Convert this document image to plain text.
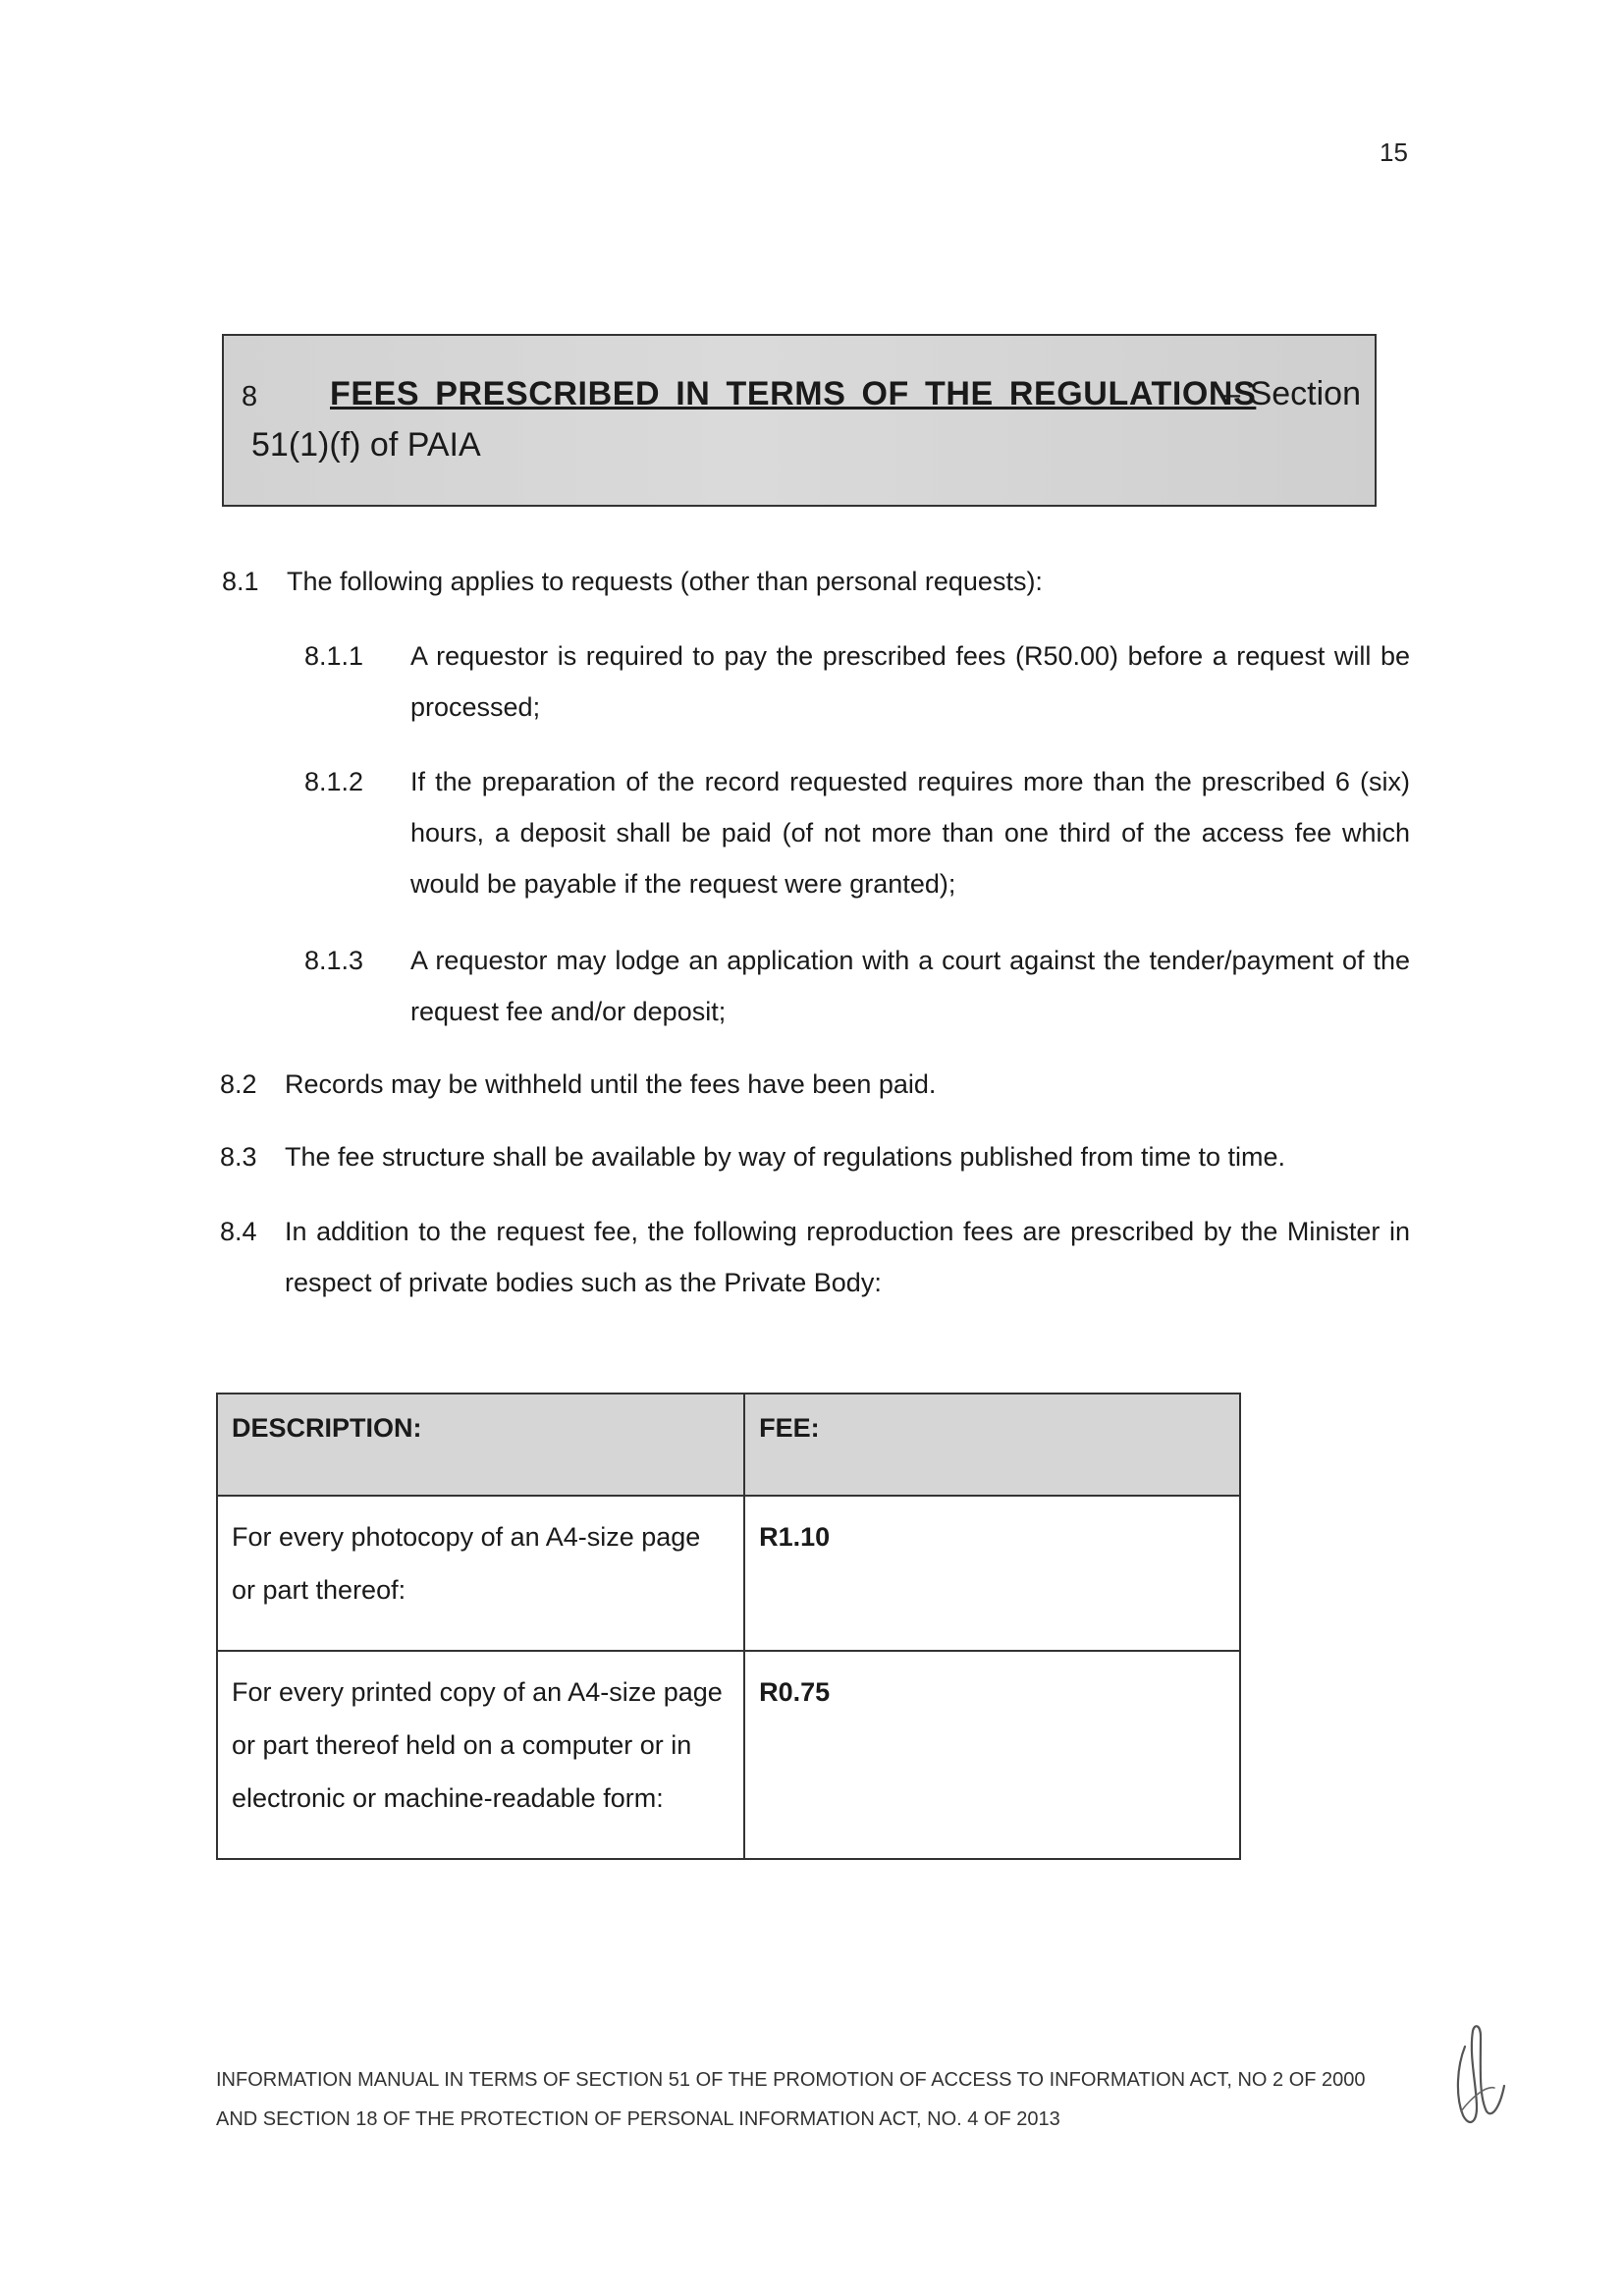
15
8 FEES PRESCRIBED IN TERMS OF THE REGULATIONS
– Section
51(1)(f) of PAIA
8.1 The following applies to requests (other than personal requests):
8.1.1 A requestor is required to pay the prescribed fees (R50.00) before a request will be processed;
8.1.2 If the preparation of the record requested requires more than the prescribed 6 (six) hours, a deposit shall be paid (of not more than one third of the access fee which would be payable if the request were granted);
8.1.3 A requestor may lodge an application with a court against the tender/payment of the request fee and/or deposit;
8.2 Records may be withheld until the fees have been paid.
8.3 The fee structure shall be available by way of regulations published from time to time.
8.4 In addition to the request fee, the following reproduction fees are prescribed by the Minister in respect of private bodies such as the Private Body:
DESCRIPTION:	FEE:
For every photocopy of an A4-size page or part thereof:	R1.10
For every printed copy of an A4-size page or part thereof held on a computer or in electronic or machine-readable form:	R0.75
INFORMATION MANUAL IN TERMS OF SECTION 51 OF THE PROMOTION OF ACCESS TO INFORMATION ACT, NO 2 OF 2000
AND SECTION 18 OF THE PROTECTION OF PERSONAL INFORMATION ACT, NO. 4 OF 2013
